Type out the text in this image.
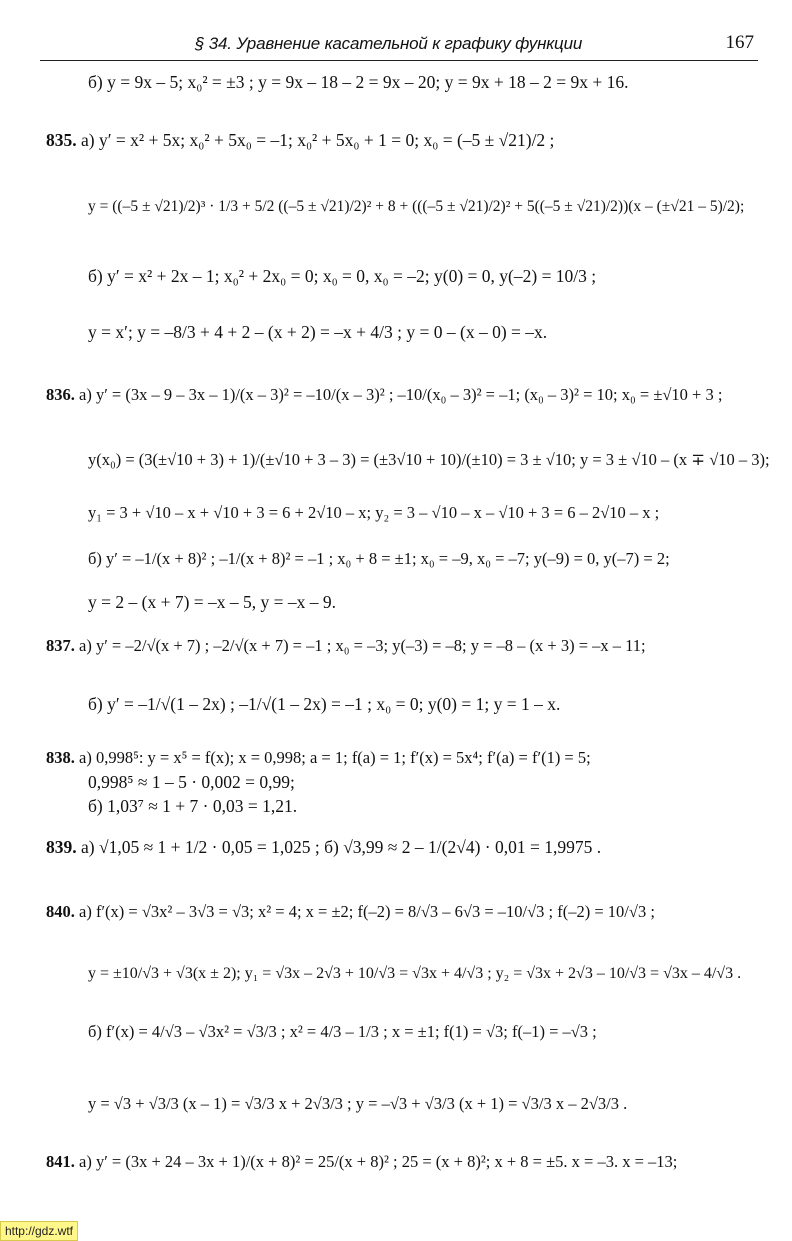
§ 34. Уравнение касательной к графику функции	167
б) y = 9x – 5; x₀² = ±3 ; y = 9x – 18 – 2 = 9x – 20; y = 9x + 18 – 2 = 9x + 16.
835. а) y′ = x² + 5x; x₀² + 5x₀ = –1; x₀² + 5x₀ + 1 = 0; x₀ = (–5 ± √21)/2 ;
y = ((–5 ± √21)/2)³ · 1/3 + 5/2 ((–5 ± √21)/2)² + 8 + (((–5 ± √21)/2)² + 5((–5 ± √21)/2))(x – (±√21 – 5)/2);
б) y′ = x² + 2x – 1; x₀² + 2x₀ = 0; x₀ = 0, x₀ = –2; y(0) = 0, y(–2) = 10/3 ;
y = x′; y = –8/3 + 4 + 2 – (x + 2) = –x + 4/3 ; y = 0 – (x – 0) = –x.
836. а) y′ = (3x – 9 – 3x – 1)/(x – 3)² = –10/(x – 3)² ; –10/(x₀ – 3)² = –1; (x₀ – 3)² = 10; x₀ = ±√10 + 3 ;
y(x₀) = (3(±√10 + 3) + 1)/(±√10 + 3 – 3) = (±3√10 + 10)/(±10) = 3 ± √10; y = 3 ± √10 – (x ∓ √10 – 3);
y₁ = 3 + √10 – x + √10 + 3 = 6 + 2√10 – x; y₂ = 3 – √10 – x – √10 + 3 = 6 – 2√10 – x ;
б) y′ = –1/(x + 8)² ; –1/(x + 8)² = –1 ; x₀ + 8 = ±1; x₀ = –9, x₀ = –7; y(–9) = 0, y(–7) = 2;
y = 2 – (x + 7) = –x – 5, y = –x – 9.
837. а) y′ = –2/√(x + 7) ; –2/√(x + 7) = –1 ; x₀ = –3; y(–3) = –8; y = –8 – (x + 3) = –x – 11;
б) y′ = –1/√(1 – 2x) ; –1/√(1 – 2x) = –1 ; x₀ = 0; y(0) = 1; y = 1 – x.
838. а) 0,998⁵: y = x⁵ = f(x); x = 0,998; a = 1; f(a) = 1; f′(x) = 5x⁴; f′(a) = f′(1) = 5;
0,998⁵ ≈ 1 – 5 · 0,002 = 0,99;
б) 1,03⁷ ≈ 1 + 7 · 0,03 = 1,21.
839. а) √1,05 ≈ 1 + 1/2 · 0,05 = 1,025 ; б) √3,99 ≈ 2 – 1/(2√4) · 0,01 = 1,9975 .
840. а) f′(x) = √3x² – 3√3 = √3; x² = 4; x = ±2; f(–2) = 8/√3 – 6√3 = –10/√3 ; f(–2) = 10/√3 ;
y = ±10/√3 + √3(x ± 2); y₁ = √3x – 2√3 + 10/√3 = √3x + 4/√3 ; y₂ = √3x + 2√3 – 10/√3 = √3x – 4/√3 .
б) f′(x) = 4/√3 – √3x² = √3/3 ; x² = 4/3 – 1/3 ; x = ±1; f(1) = √3; f(–1) = –√3 ;
y = √3 + √3/3 (x – 1) = √3/3 x + 2√3/3 ; y = –√3 + √3/3 (x + 1) = √3/3 x – 2√3/3 .
841. а) y′ = (3x + 24 – 3x + 1)/(x + 8)² = 25/(x + 8)² ; 25 = (x + 8)²; x + 8 = ±5. x = –3. x = –13;
http://gdz.wtf
